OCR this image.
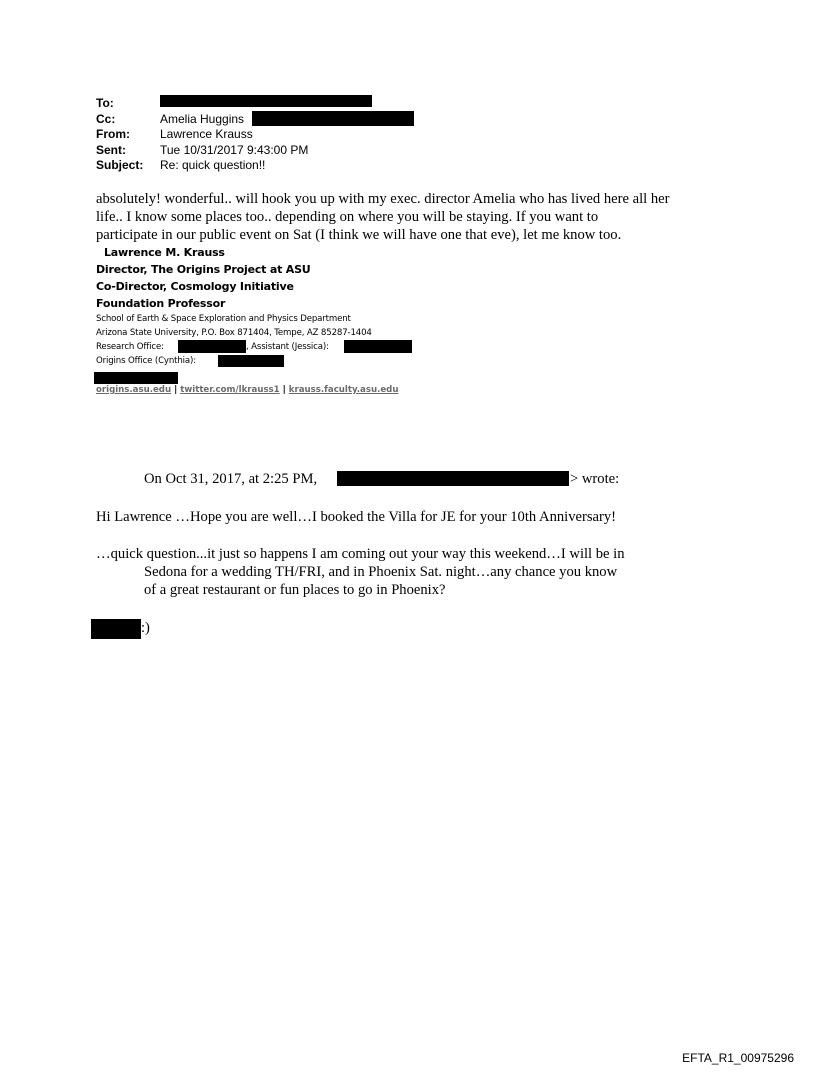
To:
Cc:	Amelia Huggins
From:	Lawrence Krauss
Sent:	Tue 10/31/2017 9:43:00 PM
Subject: Re: quick question!!
absolutely! wonderful.. will hook you up with my exec. director Amelia who has lived here all her
life.. I know some places too.. depending on where you will be staying. If you want to
participate in our public event on Sat (I think we will have one that eve), let me know too.
Lawrence M. Krauss
Director, The Origins Project at ASU
Co-Director, Cosmology Initiative
Foundation Professor
School of Earth & Space Exploration and Physics Department
Arizona State University, P.O. Box 871404, Tempe, AZ 85287-1404
Research Office:	, Assistant (Jessica):
Origins Office (Cynthia):
origins.asu.edu | twitter.com/lkrauss1 | krauss.faculty.asu.edu
On Oct 31, 2017, at 2:25 PM,	> wrote:
Hi Lawrence …Hope you are well…I booked the Villa for JE for your 10th Anniversary!
…quick question...it just so happens I am coming out your way this weekend…I will be in
Sedona for a wedding TH/FRI, and in Phoenix Sat. night…any chance you know
of a great restaurant or fun places to go in Phoenix?
:)
EFTA_R1_00975296
